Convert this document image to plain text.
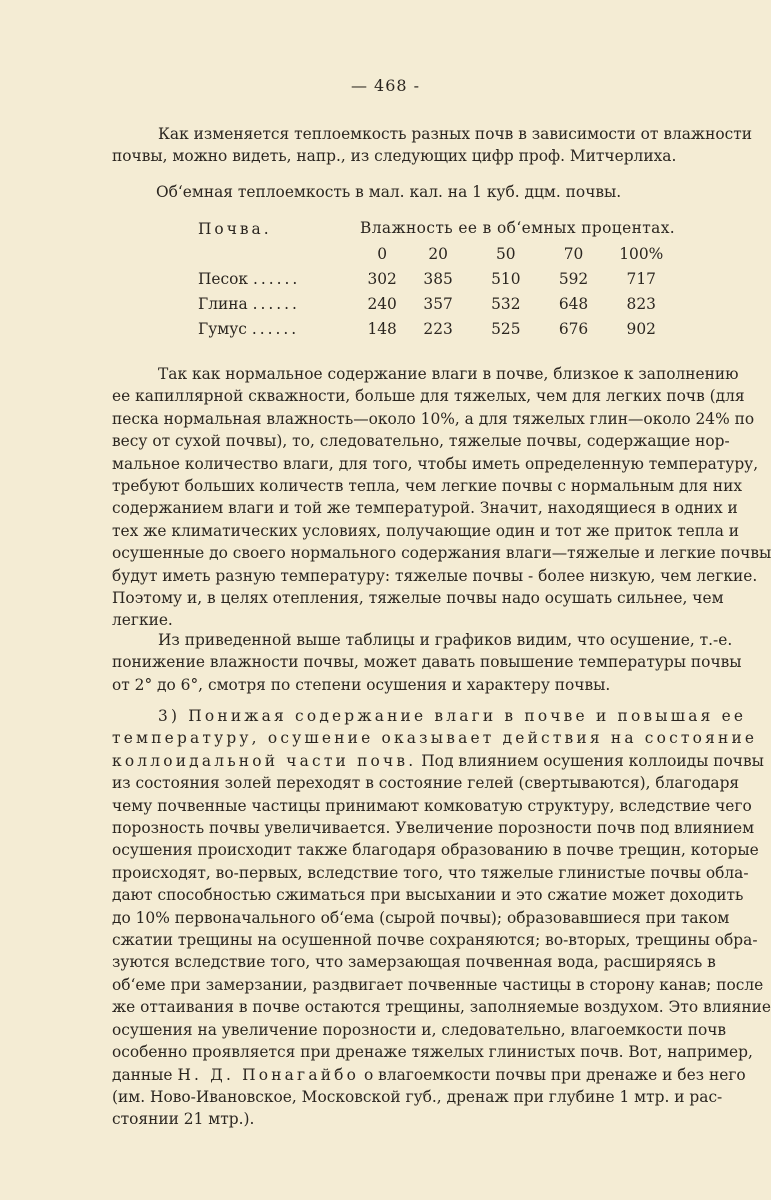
— 468 -
Как изменяется теплоемкость разных почв в зависимости от влажности
почвы, можно видеть, напр., из следующих цифр проф. Митчерлиха.
Об‘емная теплоемкость в мал. кал. на 1 куб. дцм. почвы.
Почва.	Влажность ее в об‘емных процентах.				
	0	20	50	70	100%
Песок ......	302	385	510	592	717
Глина ......	240	357	532	648	823
Гумус ......	148	223	525	676	902
Так как нормальное содержание влаги в почве, близкое к заполнению
ее капиллярной скважности, больше для тяжелых, чем для легких почв (для
песка нормальная влажность—около 10%, а для тяжелых глин—около 24% по
весу от сухой почвы), то, следовательно, тяжелые почвы, содержащие нор-
мальное количество влаги, для того, чтобы иметь определенную температуру,
требуют больших количеств тепла, чем легкие почвы с нормальным для них
содержанием влаги и той же температурой. Значит, находящиеся в одних и
тех же климатических условиях, получающие один и тот же приток тепла и
осушенные до своего нормального содержания влаги—тяжелые и легкие почвы
будут иметь разную температуру: тяжелые почвы - более низкую, чем легкие.
Поэтому и, в целях отепления, тяжелые почвы надо осушать сильнее, чем
легкие.
Из приведенной выше таблицы и графиков видим, что осушение, т.-е.
понижение влажности почвы, может давать повышение температуры почвы
от 2° до 6°, смотря по степени осушения и характеру почвы.
3) Понижая содержание влаги в почве и повышая ее
температуру, осушение оказывает действия на состояние
коллоидальной части почв. Под влиянием осушения коллоиды почвы
из состояния золей переходят в состояние гелей (свертываются), благодаря
чему почвенные частицы принимают комковатую структуру, вследствие чего
порозность почвы увеличивается. Увеличение порозности почв под влиянием
осушения происходит также благодаря образованию в почве трещин, которые
происходят, во-первых, вследствие того, что тяжелые глинистые почвы обла-
дают способностью сжиматься при высыхании и это сжатие может доходить
до 10% первоначального об‘ема (сырой почвы); образовавшиеся при таком
сжатии трещины на осушенной почве сохраняются; во-вторых, трещины обра-
зуются вследствие того, что замерзающая почвенная вода, расширяясь в
об‘еме при замерзании, раздвигает почвенные частицы в сторону канав; после
же оттаивания в почве остаются трещины, заполняемые воздухом. Это влияние
осушения на увеличение порозности и, следовательно, влагоемкости почв
особенно проявляется при дренаже тяжелых глинистых почв. Вот, например,
данные Н. Д. Понагайбо о влагоемкости почвы при дренаже и без него
(им. Ново-Ивановское, Московской губ., дренаж при глубине 1 мтр. и рас-
стоянии 21 мтр.).
